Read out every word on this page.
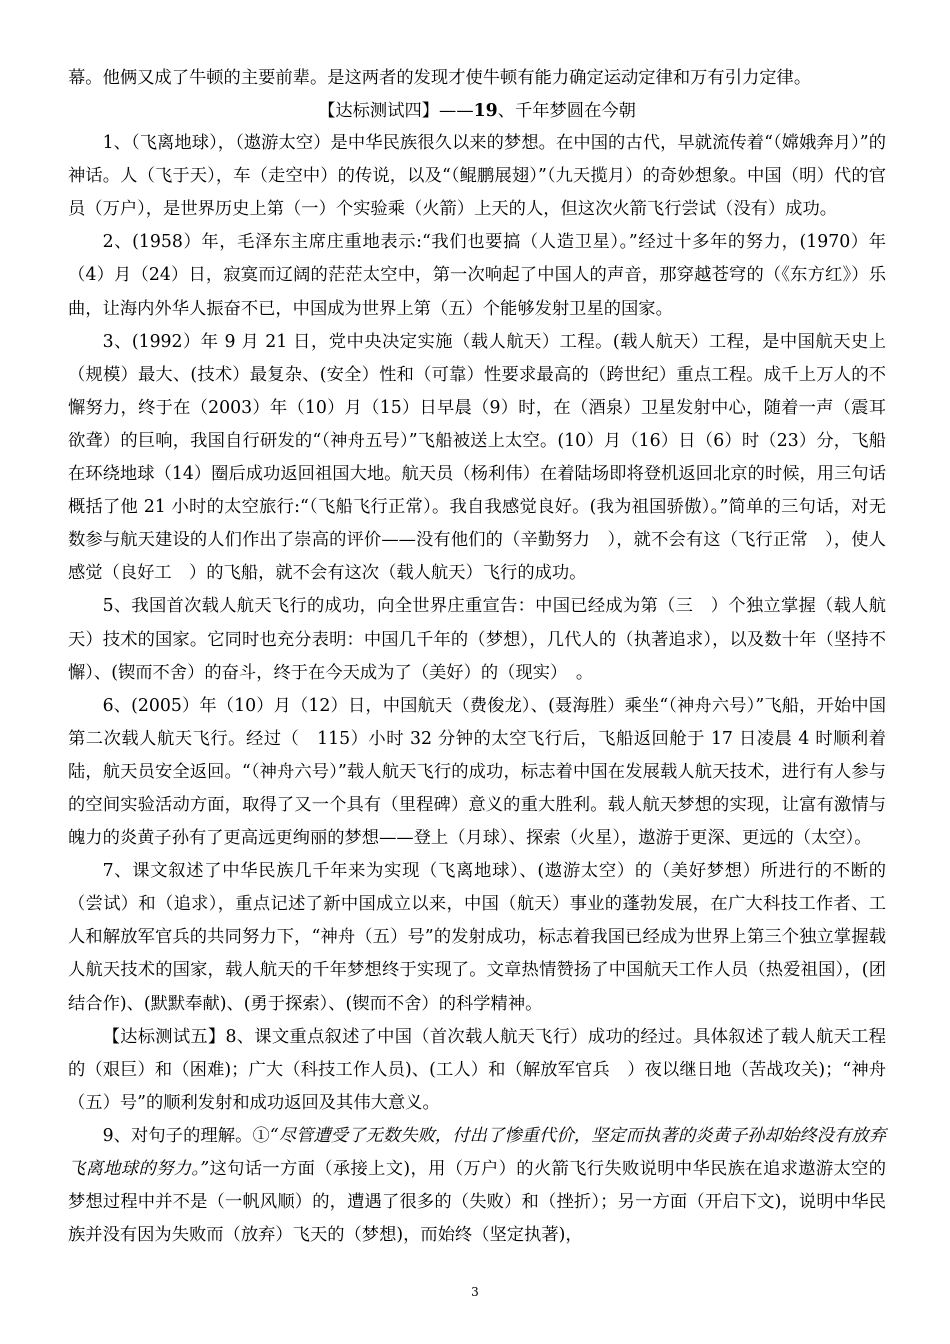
幕。他俩又成了牛顿的主要前辈。是这两者的发现才使牛顿有能力确定运动定律和万有引力定律。

【达标测试四】——19、千年梦圆在今朝

1、（飞离地球），（遨游太空）是中华民族很久以来的梦想。在中国的古代，早就流传着“（嫦娥奔月）”的神话。人（飞于天），车（走空中）的传说，以及“（鲲鹏展翅）”（九天揽月）的奇妙想象。中国（明）代的官员（万户），是世界历史上第（一）个实验乘（火箭）上天的人，但这次火箭飞行尝试（没有）成功。

2、(1958）年，毛泽东主席庄重地表示:“我们也要搞（人造卫星）。”经过十多年的努力，(1970）年（4）月（24）日，寂寞而辽阔的茫茫太空中，第一次响起了中国人的声音，那穿越苍穹的（《东方红》）乐曲，让海内外华人振奋不已，中国成为世界上第（五）个能够发射卫星的国家。

3、(1992）年 9 月 21 日，党中央决定实施（载人航天）工程。(载人航天）工程，是中国航天史上（规模）最大、(技术）最复杂、(安全）性和（可靠）性要求最高的（跨世纪）重点工程。成千上万人的不懈努力，终于在（2003）年（10）月（15）日早晨（9）时，在（酒泉）卫星发射中心，随着一声（震耳欲聋）的巨响，我国自行研发的“（神舟五号）”飞船被送上太空。(10）月（16）日（6）时（23）分，飞船在环绕地球（14）圈后成功返回祖国大地。航天员（杨利伟）在着陆场即将登机返回北京的时候，用三句话概括了他 21 小时的太空旅行:“（飞船飞行正常）。我自我感觉良好。(我为祖国骄傲）。”简单的三句话，对无数参与航天建设的人们作出了崇高的评价——没有他们的（辛勤努力　），就不会有这（飞行正常　），使人感觉（良好工　）的飞船，就不会有这次（载人航天）飞行的成功。

5、我国首次载人航天飞行的成功，向全世界庄重宣告：中国已经成为第（三　）个独立掌握（载人航天）技术的国家。它同时也充分表明：中国几千年的（梦想），几代人的（执著追求），以及数十年（坚持不懈）、(锲而不舍）的奋斗，终于在今天成为了（美好）的（现实）　。

6、(2005）年（10）月（12）日，中国航天（费俊龙）、(聂海胜）乘坐“（神舟六号）”飞船，开始中国第二次载人航天飞行。经过（　115）小时 32 分钟的太空飞行后，飞船返回舱于 17 日凌晨 4 时顺利着陆，航天员安全返回。“（神舟六号）”载人航天飞行的成功，标志着中国在发展载人航天技术，进行有人参与的空间实验活动方面，取得了又一个具有（里程碑）意义的重大胜利。载人航天梦想的实现，让富有激情与魄力的炎黄子孙有了更高远更绚丽的梦想——登上（月球）、探索（火星），遨游于更深、更远的（太空）。

7、课文叙述了中华民族几千年来为实现（飞离地球）、(遨游太空）的（美好梦想）所进行的不断的（尝试）和（追求），重点记述了新中国成立以来，中国（航天）事业的蓬勃发展，在广大科技工作者、工人和解放军官兵的共同努力下，“神舟（五）号”的发射成功，标志着我国已经成为世界上第三个独立掌握载人航天技术的国家，载人航天的千年梦想终于实现了。文章热情赞扬了中国航天工作人员（热爱祖国），(团结合作)、(默默奉献)、(勇于探索）、(锲而不舍）的科学精神。

【达标测试五】8、课文重点叙述了中国（首次载人航天飞行）成功的经过。具体叙述了载人航天工程的（艰巨）和（困难)；广大（科技工作人员)、(工人）和（解放军官兵　）夜以继日地（苦战攻关)；“神舟（五）号”的顺利发射和成功返回及其伟大意义。

9、对句子的理解。①“尽管遭受了无数失败，付出了惨重代价，坚定而执著的炎黄子孙却始终没有放弃飞离地球的努力。”这句话一方面（承接上文)，用（万户）的火箭飞行失败说明中华民族在追求遨游太空的梦想过程中并不是（一帆风顺）的，遭遇了很多的（失败）和（挫折）；另一方面（开启下文)，说明中华民族并没有因为失败而（放弃）飞天的（梦想)，而始终（坚定执著)，

3
